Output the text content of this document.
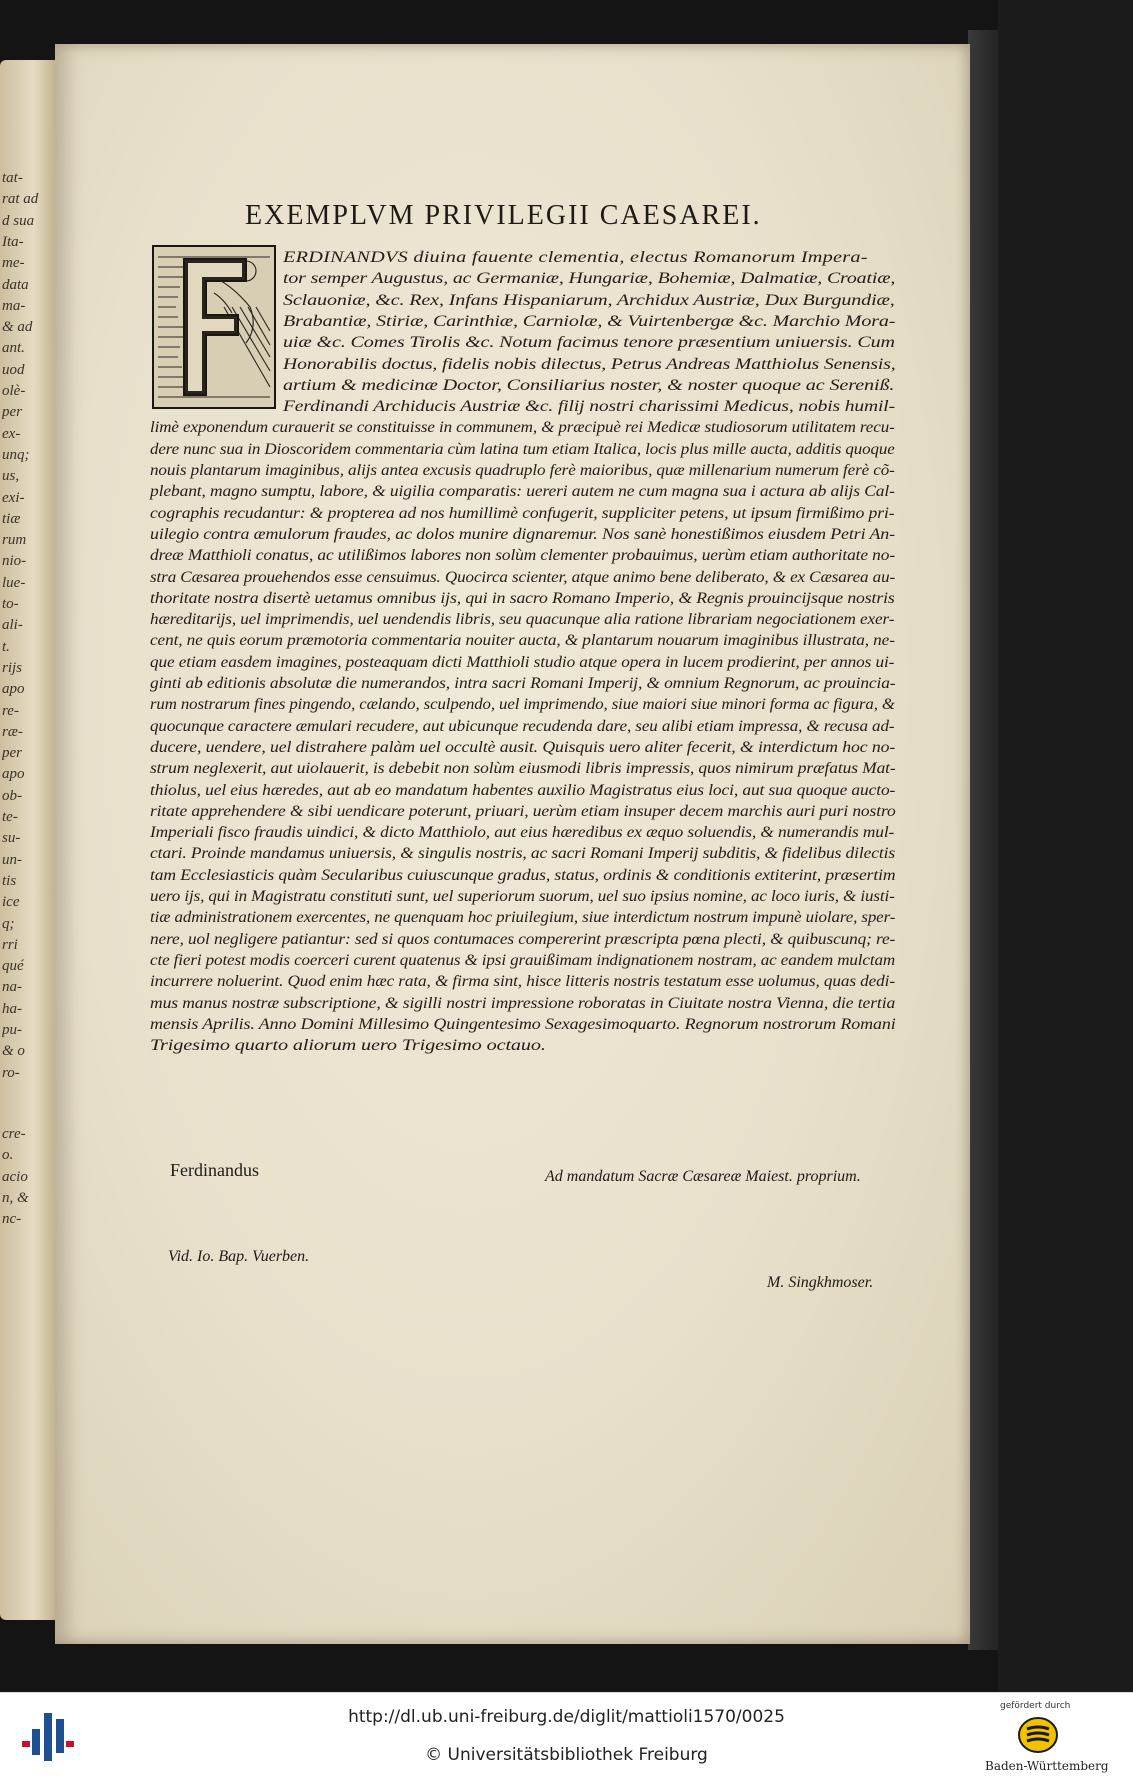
EXEMPLVM PRIVILEGII CAESAREI.
ERDINANDVS diuina fauente clementia, electus Romanorum Impera-
tor semper Augustus, ac Germaniæ, Hungariæ, Bohemiæ, Dalmatiæ, Croatiæ,
Sclauoniæ, &c. Rex, Infans Hispaniarum, Archidux Austriæ, Dux Burgundiæ,
Brabantiæ, Stiriæ, Carinthiæ, Carniolæ, & Vuirtenbergæ &c. Marchio Mora-
uiæ &c. Comes Tirolis &c. Notum facimus tenore præsentium uniuersis. Cum
Honorabilis doctus, fidelis nobis dilectus, Petrus Andreas Matthiolus Senensis,
artium & medicinæ Doctor, Consiliarius noster, & noster quoque ac Sereniß.
Ferdinandi Archiducis Austriæ &c. filij nostri charissimi Medicus, nobis humil-
limè exponendum curauerit se constituisse in communem, & præcipuè rei Medicæ studiosorum utilitatem recu-
dere nunc sua in Dioscoridem commentaria cùm latina tum etiam Italica, locis plus mille aucta, additis quoque
nouis plantarum imaginibus, alijs antea excusis quadruplo ferè maioribus, quæ millenarium numerum ferè cõ-
plebant, magno sumptu, labore, & uigilia comparatis: uereri autem ne cum magna sua i actura ab alijs Cal-
cographis recudantur: & propterea ad nos humillimè confugerit, suppliciter petens, ut ipsum firmißimo pri-
uilegio contra æmulorum fraudes, ac dolos munire dignaremur. Nos sanè honestißimos eiusdem Petri An-
dreæ Matthioli conatus, ac utilißimos labores non solùm clementer probauimus, uerùm etiam authoritate no-
stra Cæsarea prouehendos esse censuimus. Quocirca scienter, atque animo bene deliberato, & ex Cæsarea au-
thoritate nostra disertè uetamus omnibus ijs, qui in sacro Romano Imperio, & Regnis prouincijsque nostris
hæreditarijs, uel imprimendis, uel uendendis libris, seu quacunque alia ratione librariam negociationem exer-
cent, ne quis eorum præmotoria commentaria nouiter aucta, & plantarum nouarum imaginibus illustrata, ne-
que etiam easdem imagines, posteaquam dicti Matthioli studio atque opera in lucem prodierint, per annos ui-
ginti ab editionis absolutæ die numerandos, intra sacri Romani Imperij, & omnium Regnorum, ac prouincia-
rum nostrarum fines pingendo, cælando, sculpendo, uel imprimendo, siue maiori siue minori forma ac figura, &
quocunque caractere æmulari recudere, aut ubicunque recudenda dare, seu alibi etiam impressa, & recusa ad-
ducere, uendere, uel distrahere palàm uel occultè ausit. Quisquis uero aliter fecerit, & interdictum hoc no-
strum neglexerit, aut uiolauerit, is debebit non solùm eiusmodi libris impressis, quos nimirum præfatus Mat-
thiolus, uel eius hæredes, aut ab eo mandatum habentes auxilio Magistratus eius loci, aut sua quoque aucto-
ritate apprehendere & sibi uendicare poterunt, priuari, uerùm etiam insuper decem marchis auri puri nostro
Imperiali fisco fraudis uindici, & dicto Matthiolo, aut eius hæredibus ex æquo soluendis, & numerandis mul-
ctari. Proinde mandamus uniuersis, & singulis nostris, ac sacri Romani Imperij subditis, & fidelibus dilectis
tam Ecclesiasticis quàm Secularibus cuiuscunque gradus, status, ordinis & conditionis extiterint, præsertim
uero ijs, qui in Magistratu constituti sunt, uel superiorum suorum, uel suo ipsius nomine, ac loco iuris, & iusti-
tiæ administrationem exercentes, ne quenquam hoc priuilegium, siue interdictum nostrum impunè uiolare, sper-
nere, uol negligere patiantur: sed si quos contumaces compererint præscripta pœna plecti, & quibuscunq; re-
cte fieri potest modis coerceri curent quatenus & ipsi grauißimam indignationem nostram, ac eandem mulctam
incurrere noluerint. Quod enim hæc rata, & firma sint, hisce litteris nostris testatum esse uolumus, quas dedi-
mus manus nostræ subscriptione, & sigilli nostri impressione roboratas in Ciuitate nostra Vienna, die tertia
mensis Aprilis. Anno Domini Millesimo Quingentesimo Sexagesimoquarto. Regnorum nostrorum Romani
Trigesimo quarto aliorum uero Trigesimo octauo.
Ferdinandus	Ad mandatum Sacræ Cæsareæ Maiest. proprium.
Vid. Io. Bap. Vuerben.
M. Singkhmoser.
tat-
rat ad
d sua
Ita-
me-
data
ma-
& ad
ant.
uod
olè-
per
ex-
unq;
us,
exi-
tiæ
rum
nio-
lue-
to-
ali-
t.
rijs
apo
re-
ræ-
per
apo
ob-
te-
su-
un-
tis
ice
q;
rri
qué
na-
ha-
pu-
& o
ro-
cre-
o.
acio
n, &
nc-
http://dl.ub.uni-freiburg.de/diglit/mattioli1570/0025
© Universitätsbibliothek Freiburg
gefördert durch
Baden-Württemberg
